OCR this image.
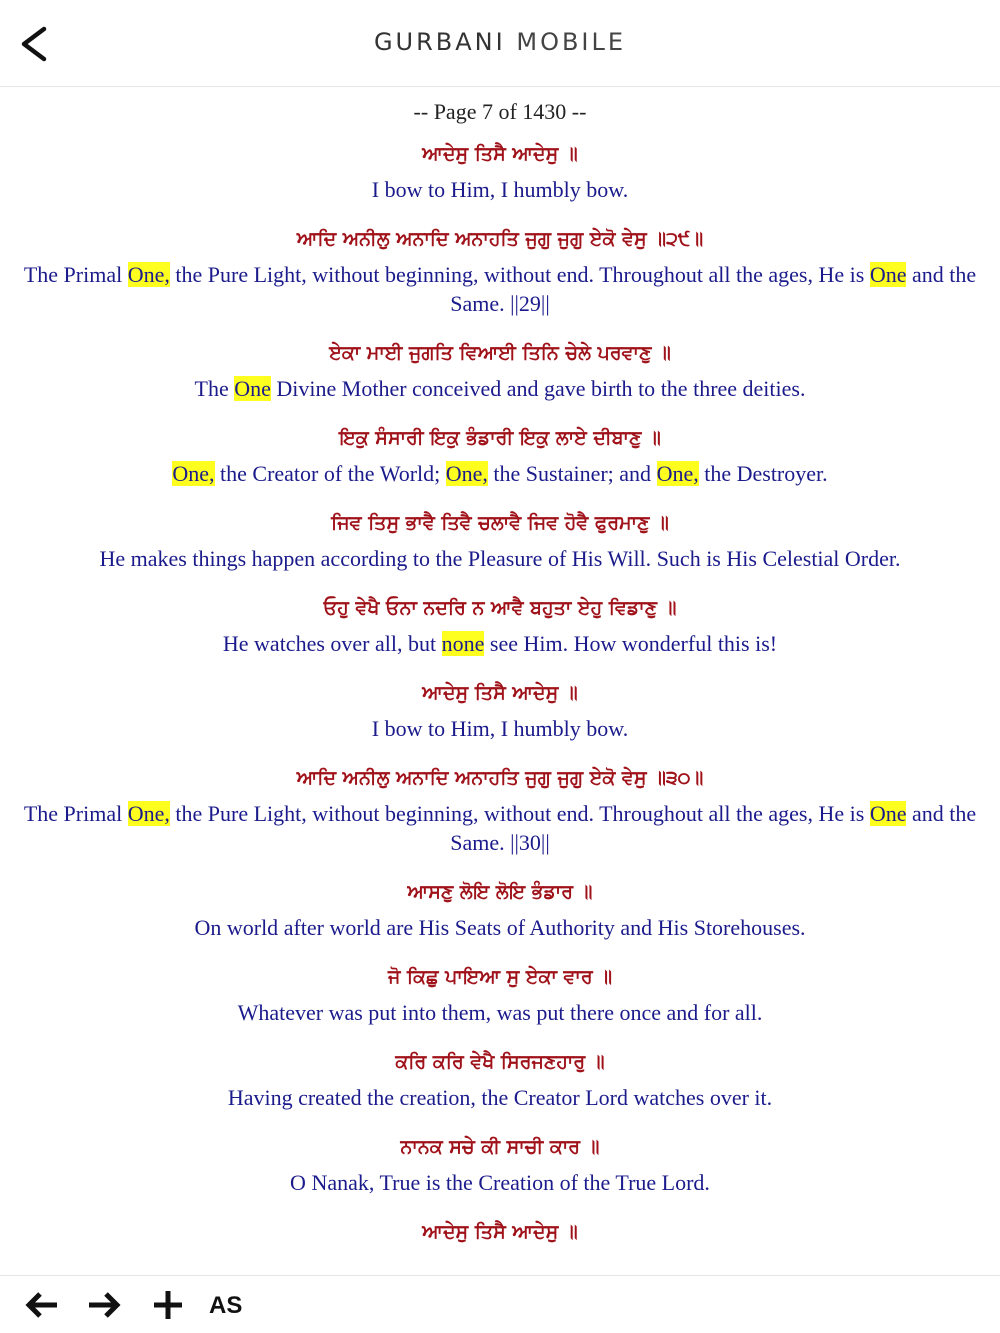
GURBANI MOBILE
-- Page 7 of 1430 --
ਆਦੇਸੁ ਤਿਸੈ ਆਦੇਸੁ ॥
I bow to Him, I humbly bow.
ਆਦਿ ਅਨੀਲੁ ਅਨਾਦਿ ਅਨਾਹਤਿ ਜੁਗੁ ਜੁਗੁ ਏਕੋ ਵੇਸੁ ॥੨੯॥
The Primal One, the Pure Light, without beginning, without end. Throughout all the ages, He is One and the Same. ||29||
ਏਕਾ ਮਾਈ ਜੁਗਤਿ ਵਿਆਈ ਤਿਨਿ ਚੇਲੇ ਪਰਵਾਣੁ ॥
The One Divine Mother conceived and gave birth to the three deities.
ਇਕੁ ਸੰਸਾਰੀ ਇਕੁ ਭੰਡਾਰੀ ਇਕੁ ਲਾਏ ਦੀਬਾਣੁ ॥
One, the Creator of the World; One, the Sustainer; and One, the Destroyer.
ਜਿਵ ਤਿਸੁ ਭਾਵੈ ਤਿਵੈ ਚਲਾਵੈ ਜਿਵ ਹੋਵੈ ਫੁਰਮਾਣੁ ॥
He makes things happen according to the Pleasure of His Will. Such is His Celestial Order.
ਓਹੁ ਵੇਖੈ ਓਨਾ ਨਦਰਿ ਨ ਆਵੈ ਬਹੁਤਾ ਏਹੁ ਵਿਡਾਣੁ ॥
He watches over all, but none see Him. How wonderful this is!
ਆਦੇਸੁ ਤਿਸੈ ਆਦੇਸੁ ॥
I bow to Him, I humbly bow.
ਆਦਿ ਅਨੀਲੁ ਅਨਾਦਿ ਅਨਾਹਤਿ ਜੁਗੁ ਜੁਗੁ ਏਕੋ ਵੇਸੁ ॥੩੦॥
The Primal One, the Pure Light, without beginning, without end. Throughout all the ages, He is One and the Same. ||30||
ਆਸਣੁ ਲੋਇ ਲੋਇ ਭੰਡਾਰ ॥
On world after world are His Seats of Authority and His Storehouses.
ਜੋ ਕਿਛੁ ਪਾਇਆ ਸੁ ਏਕਾ ਵਾਰ ॥
Whatever was put into them, was put there once and for all.
ਕਰਿ ਕਰਿ ਵੇਖੈ ਸਿਰਜਣਹਾਰੁ ॥
Having created the creation, the Creator Lord watches over it.
ਨਾਨਕ ਸਚੇ ਕੀ ਸਾਚੀ ਕਾਰ ॥
O Nanak, True is the Creation of the True Lord.
ਆਦੇਸੁ ਤਿਸੈ ਆਦੇਸੁ ॥
AS
